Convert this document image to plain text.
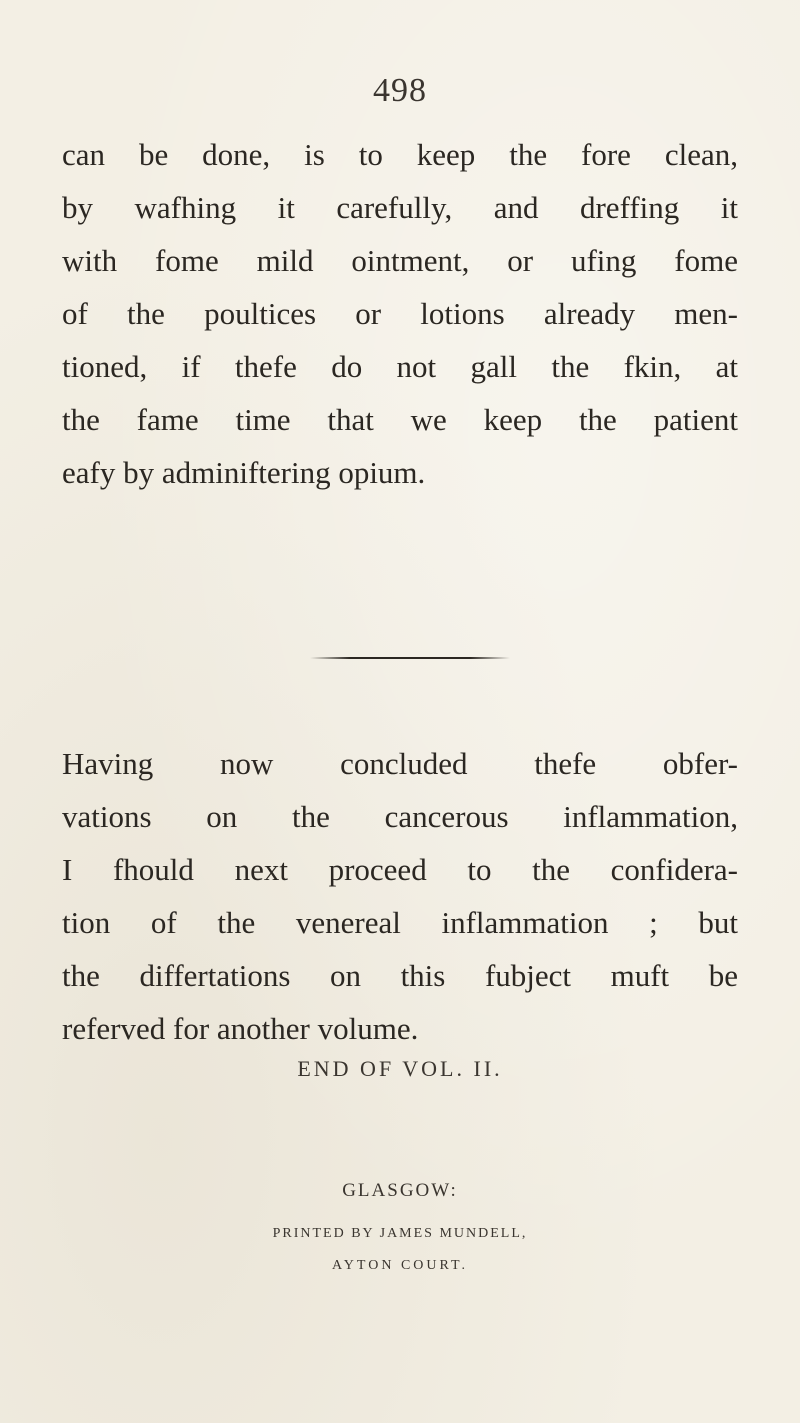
498
can be done, is to keep the fore clean,
by wafhing it carefully, and dreffing it
with fome mild ointment, or ufing fome
of the poultices or lotions already men-
tioned, if thefe do not gall the fkin, at
the fame time that we keep the patient
eafy by adminiftering opium.
Having now concluded thefe obfer-
vations on the cancerous inflammation,
I fhould next proceed to the confidera-
tion of the venereal inflammation ; but
the differtations on this fubject muft be
referved for another volume.
END OF VOL. II.
GLASGOW:
PRINTED BY JAMES MUNDELL,
AYTON COURT.
